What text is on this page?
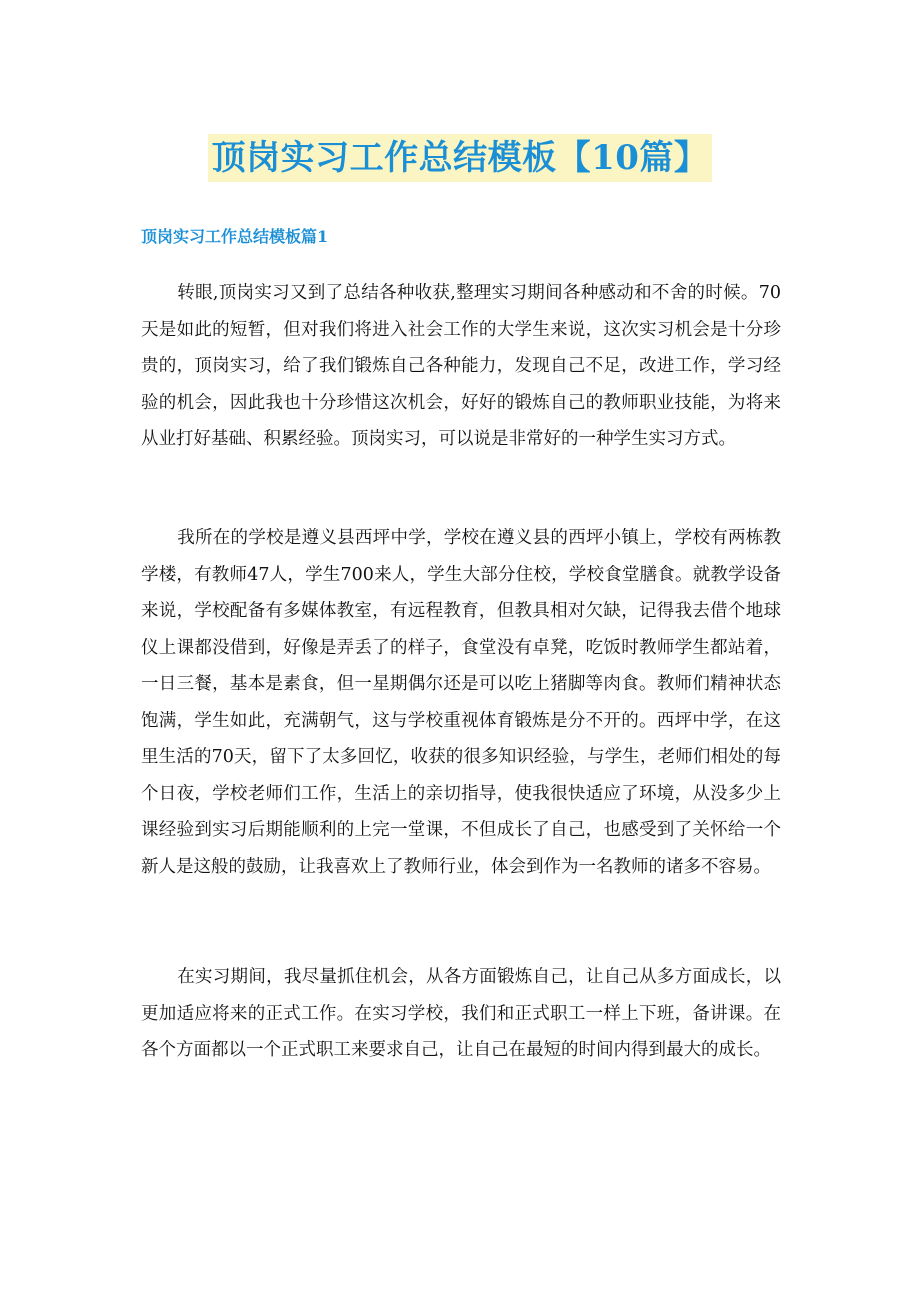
顶岗实习工作总结模板【10篇】
顶岗实习工作总结模板篇1

转眼,顶岗实习又到了总结各种收获,整理实习期间各种感动和不舍的时候。70天是如此的短暂，但对我们将进入社会工作的大学生来说，这次实习机会是十分珍贵的，顶岗实习，给了我们锻炼自己各种能力，发现自己不足，改进工作，学习经验的机会，因此我也十分珍惜这次机会，好好的锻炼自己的教师职业技能，为将来从业打好基础、积累经验。顶岗实习，可以说是非常好的一种学生实习方式。

我所在的学校是遵义县西坪中学，学校在遵义县的西坪小镇上，学校有两栋教学楼，有教师47人，学生700来人，学生大部分住校，学校食堂膳食。就教学设备来说，学校配备有多媒体教室，有远程教育，但教具相对欠缺，记得我去借个地球仪上课都没借到，好像是弄丢了的样子，食堂没有卓凳，吃饭时教师学生都站着，一日三餐，基本是素食，但一星期偶尔还是可以吃上猪脚等肉食。教师们精神状态饱满，学生如此，充满朝气，这与学校重视体育锻炼是分不开的。西坪中学，在这里生活的70天，留下了太多回忆，收获的很多知识经验，与学生，老师们相处的每个日夜，学校老师们工作，生活上的亲切指导，使我很快适应了环境，从没多少上课经验到实习后期能顺利的上完一堂课，不但成长了自己，也感受到了关怀给一个新人是这般的鼓励，让我喜欢上了教师行业，体会到作为一名教师的诸多不容易。

在实习期间，我尽量抓住机会，从各方面锻炼自己，让自己从多方面成长，以更加适应将来的正式工作。在实习学校，我们和正式职工一样上下班，备讲课。在各个方面都以一个正式职工来要求自己，让自己在最短的时间内得到最大的成长。
